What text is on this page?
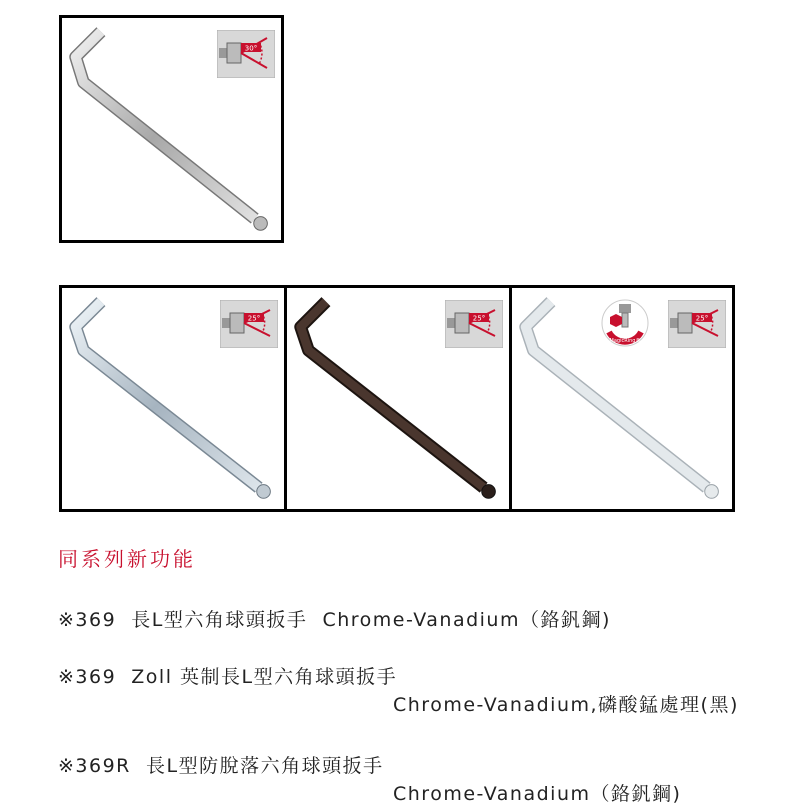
30°
25°	25°
MagicRing®
25°
同系列新功能
※369 長L型六角球頭扳手 Chrome-Vanadium（鉻釩鋼)
※369 Zoll 英制長L型六角球頭扳手
Chrome-Vanadium,磷酸錳處理(黑)
※369R 長L型防脫落六角球頭扳手
Chrome-Vanadium（鉻釩鋼)
